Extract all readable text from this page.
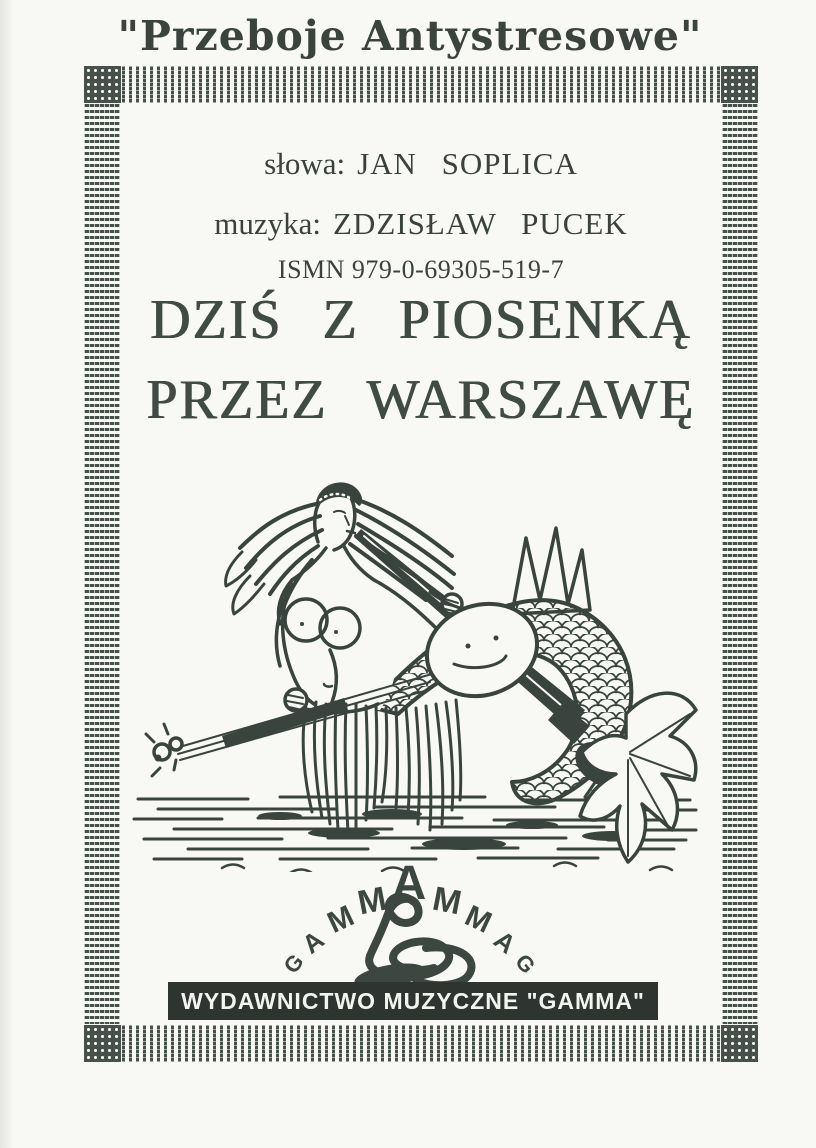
"Przeboje Antystresowe"
słowa: JAN SOPLICA
muzyka: ZDZISŁAW PUCEK
ISMN 979-0-69305-519-7
DZIŚ Z PIOSENKĄ
PRZEZ WARSZAWĘ
G
A
M
M A M
M
A
G
WYDAWNICTWO MUZYCZNE "GAMMA"
